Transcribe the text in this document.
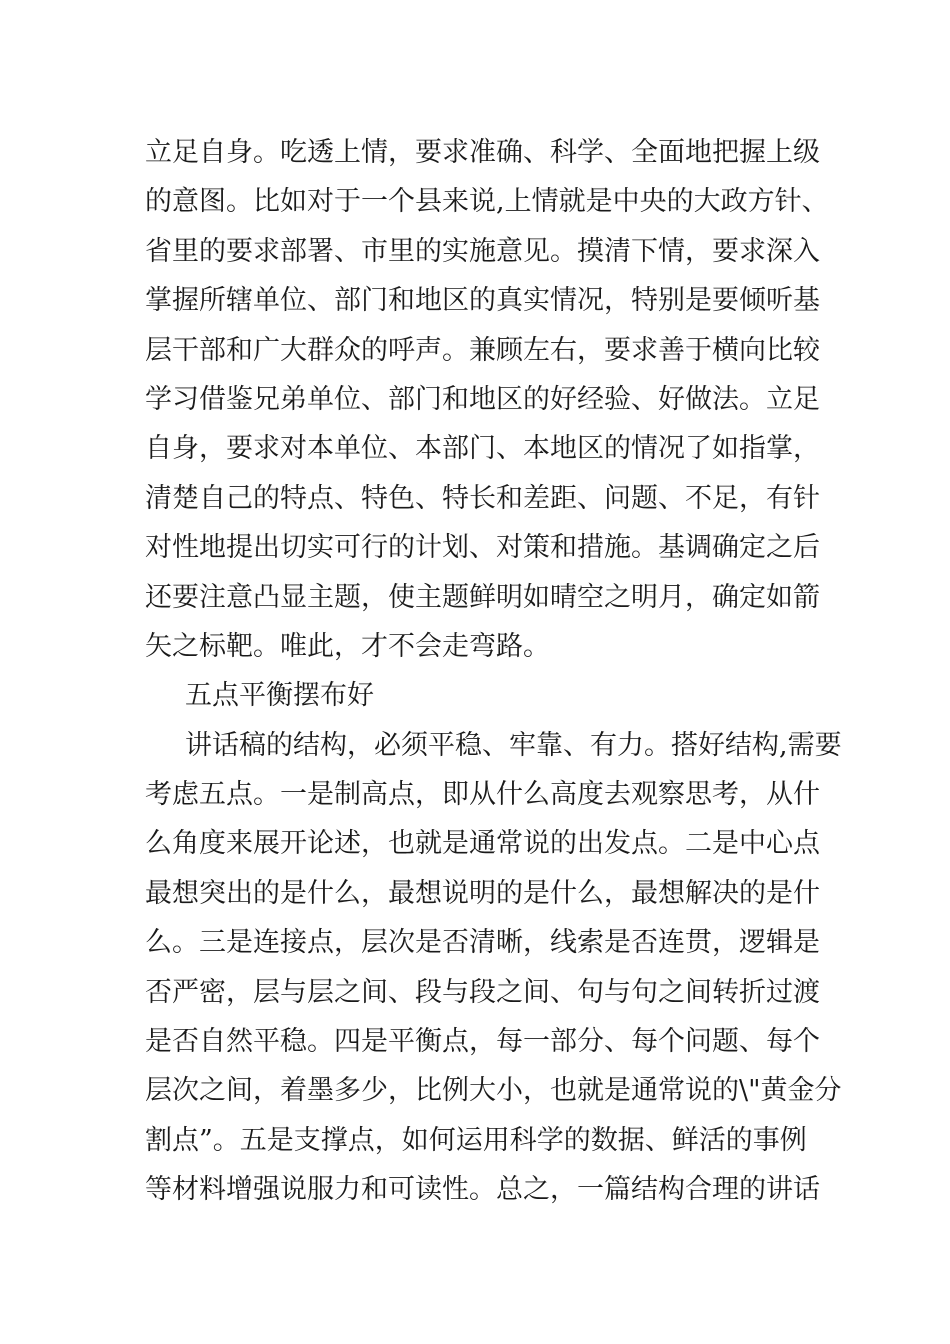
立足自身。吃透上情，要求准确、科学、全面地把握上级
的意图。比如对于一个县来说,上情就是中央的大政方针、
省里的要求部署、市里的实施意见。摸清下情，要求深入
掌握所辖单位、部门和地区的真实情况，特别是要倾听基
层干部和广大群众的呼声。兼顾左右，要求善于横向比较
学习借鉴兄弟单位、部门和地区的好经验、好做法。立足
自身，要求对本单位、本部门、本地区的情况了如指掌，
清楚自己的特点、特色、特长和差距、问题、不足，有针
对性地提出切实可行的计划、对策和措施。基调确定之后
还要注意凸显主题，使主题鲜明如晴空之明月，确定如箭
矢之标靶。唯此，才不会走弯路。
五点平衡摆布好
讲话稿的结构，必须平稳、牢靠、有力。搭好结构,需要
考虑五点。一是制高点，即从什么高度去观察思考，从什
么角度来展开论述，也就是通常说的出发点。二是中心点
最想突出的是什么，最想说明的是什么，最想解决的是什
么。三是连接点，层次是否清晰，线索是否连贯，逻辑是
否严密，层与层之间、段与段之间、句与句之间转折过渡
是否自然平稳。四是平衡点，每一部分、每个问题、每个
层次之间，着墨多少，比例大小，也就是通常说的\"黄金分
割点”。五是支撑点，如何运用科学的数据、鲜活的事例
等材料增强说服力和可读性。总之，一篇结构合理的讲话
